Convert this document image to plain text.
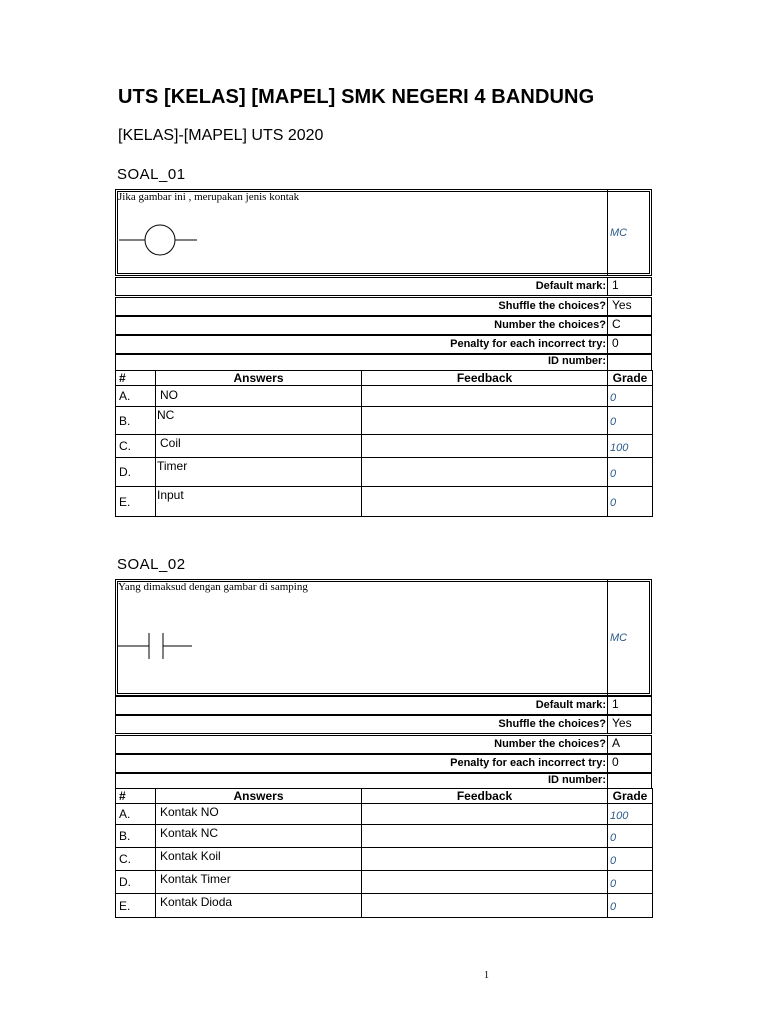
UTS [KELAS] [MAPEL] SMK NEGERI 4 BANDUNG
[KELAS]-[MAPEL] UTS 2020
SOAL_01
Jika gambar ini , merupakan jenis kontak
MC
Default mark: 1
Shuffle the choices? Yes
Number the choices? C
Penalty for each incorrect try: 0
ID number:
#	Answers	Feedback	Grade
A.	NO		0
B.	NC		0
C.	Coil		100
D.	Timer		0
E.	Input		0
SOAL_02
Yang dimaksud dengan gambar di samping
MC
Default mark: 1
Shuffle the choices? Yes
Number the choices? A
Penalty for each incorrect try: 0
ID number:
#	Answers	Feedback	Grade
A.	Kontak NO		100
B.	Kontak NC		0
C.	Kontak Koil		0
D.	Kontak Timer		0
E.	Kontak Dioda		0
1
